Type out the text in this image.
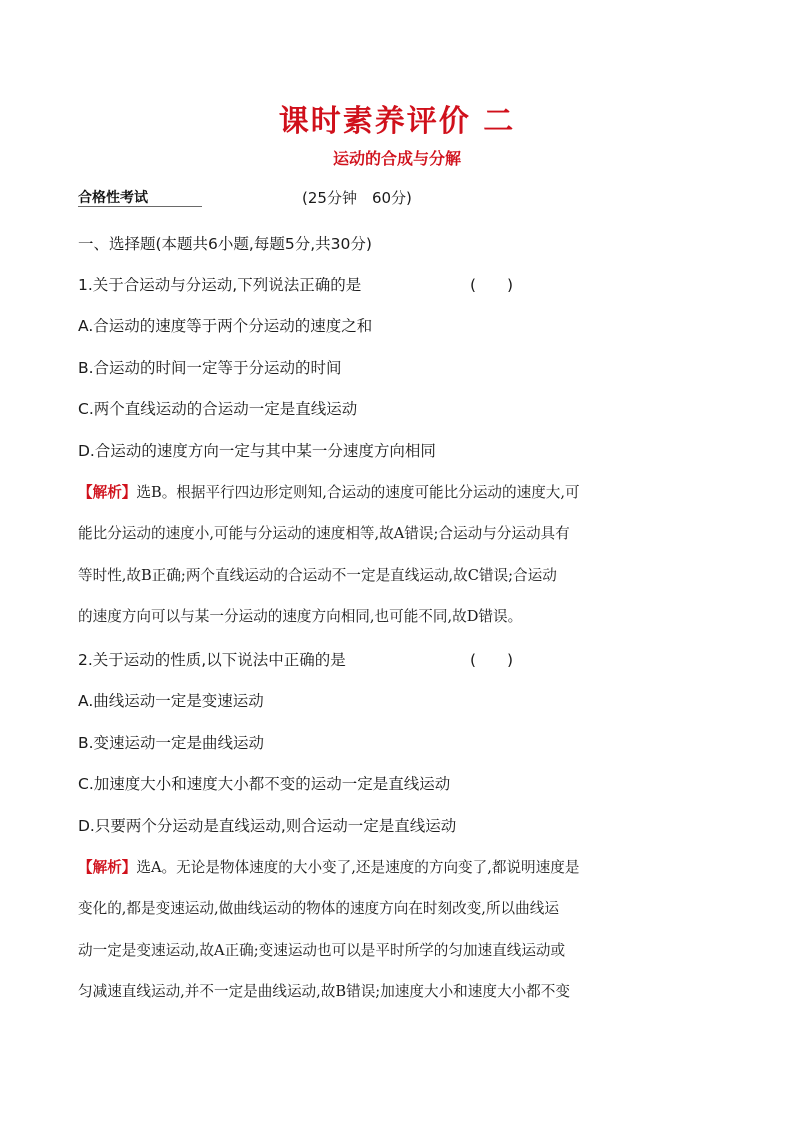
课时素养评价 二
运动的合成与分解
合格性考试	(25分钟　60分)
一、选择题(本题共6小题,每题5分,共30分)
1.关于合运动与分运动,下列说法正确的是	(　　)
A.合运动的速度等于两个分运动的速度之和
B.合运动的时间一定等于分运动的时间
C.两个直线运动的合运动一定是直线运动
D.合运动的速度方向一定与其中某一分速度方向相同
【解析】选B。根据平行四边形定则知,合运动的速度可能比分运动的速度大,可
能比分运动的速度小,可能与分运动的速度相等,故A错误;合运动与分运动具有
等时性,故B正确;两个直线运动的合运动不一定是直线运动,故C错误;合运动
的速度方向可以与某一分运动的速度方向相同,也可能不同,故D错误。
2.关于运动的性质,以下说法中正确的是	(　　)
A.曲线运动一定是变速运动
B.变速运动一定是曲线运动
C.加速度大小和速度大小都不变的运动一定是直线运动
D.只要两个分运动是直线运动,则合运动一定是直线运动
【解析】选A。无论是物体速度的大小变了,还是速度的方向变了,都说明速度是
变化的,都是变速运动,做曲线运动的物体的速度方向在时刻改变,所以曲线运
动一定是变速运动,故A正确;变速运动也可以是平时所学的匀加速直线运动或
匀减速直线运动,并不一定是曲线运动,故B错误;加速度大小和速度大小都不变
